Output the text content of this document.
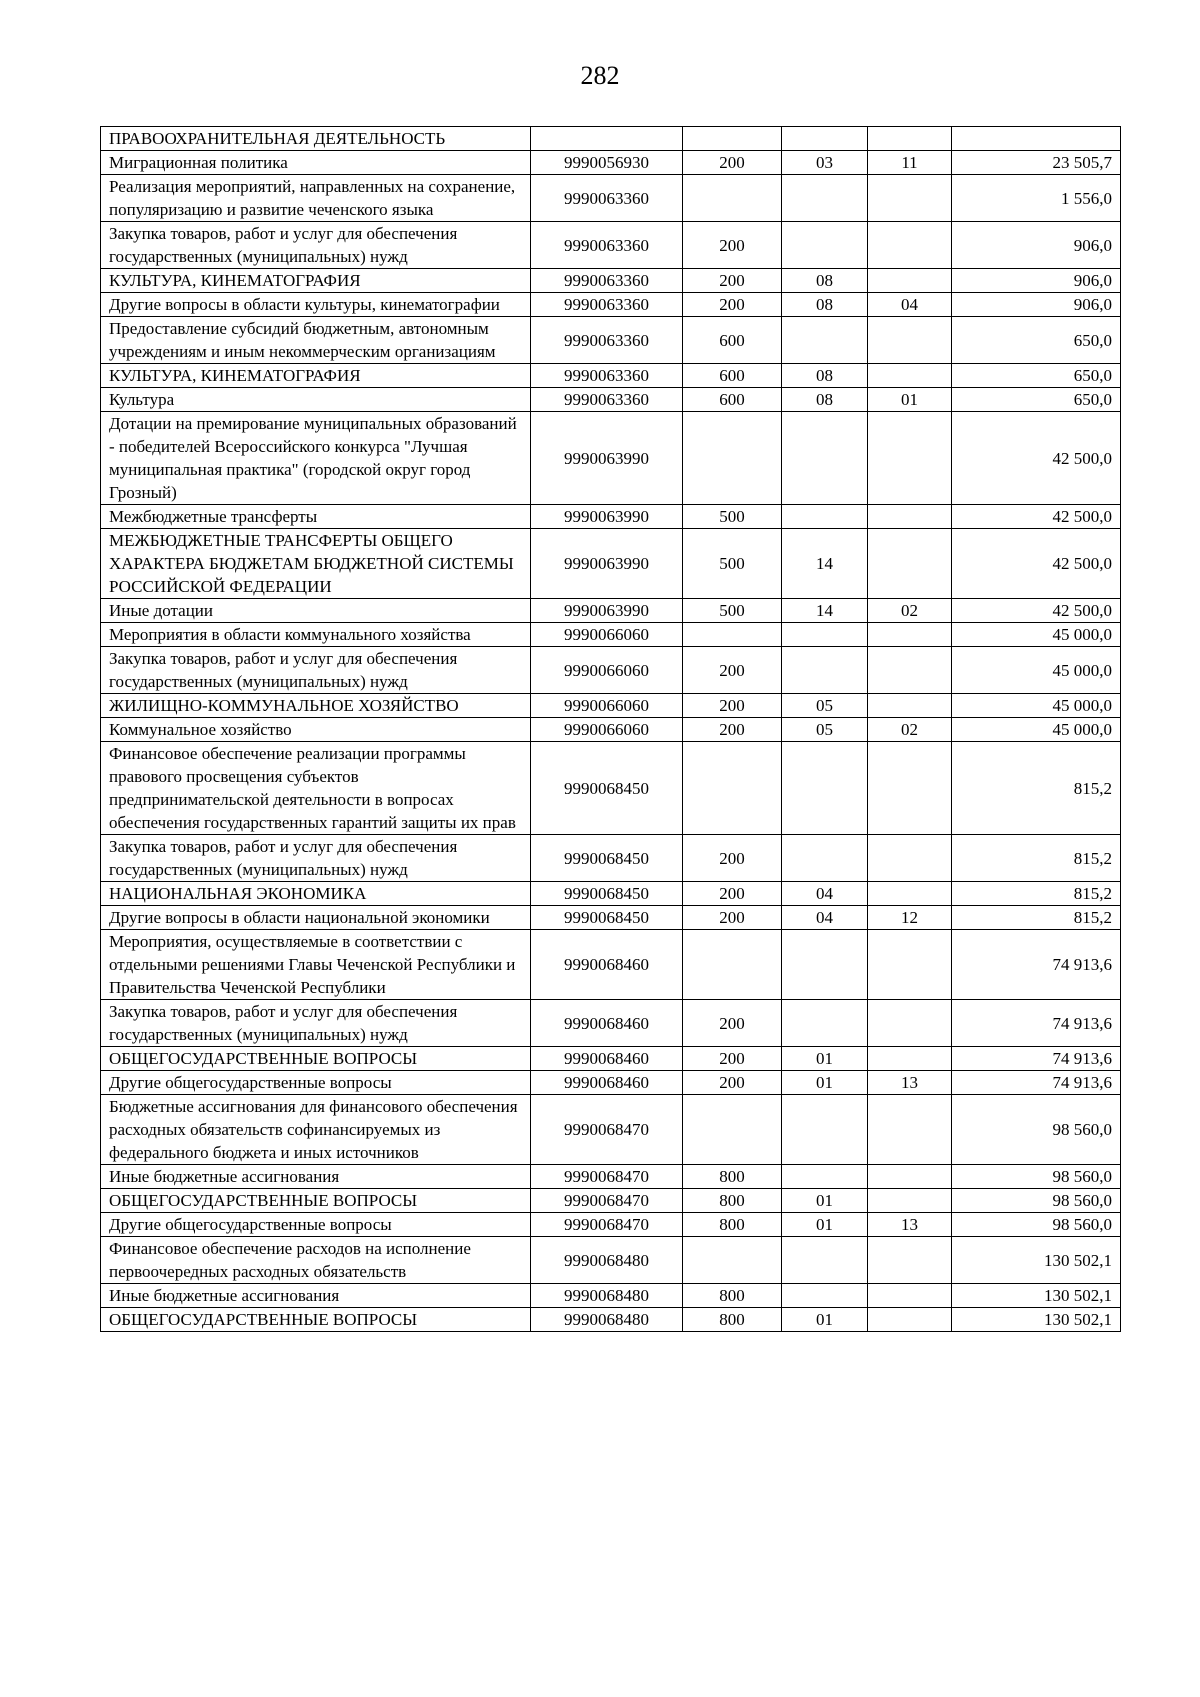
282
ПРАВООХРАНИТЕЛЬНАЯ ДЕЯТЕЛЬНОСТЬ					
Миграционная политика	9990056930	200	03	11	23 505,7
Реализация мероприятий, направленных на сохранение, популяризацию и развитие чеченского языка	9990063360				1 556,0
Закупка товаров, работ и услуг для обеспечения государственных (муниципальных) нужд	9990063360	200			906,0
КУЛЬТУРА, КИНЕМАТОГРАФИЯ	9990063360	200	08		906,0
Другие вопросы в области культуры, кинематографии	9990063360	200	08	04	906,0
Предоставление субсидий бюджетным, автономным учреждениям и иным некоммерческим организациям	9990063360	600			650,0
КУЛЬТУРА, КИНЕМАТОГРАФИЯ	9990063360	600	08		650,0
Культура	9990063360	600	08	01	650,0
Дотации на премирование муниципальных образований - победителей Всероссийского конкурса "Лучшая муниципальная практика" (городской округ город Грозный)	9990063990				42 500,0
Межбюджетные трансферты	9990063990	500			42 500,0
МЕЖБЮДЖЕТНЫЕ ТРАНСФЕРТЫ ОБЩЕГО ХАРАКТЕРА БЮДЖЕТАМ БЮДЖЕТНОЙ СИСТЕМЫ РОССИЙСКОЙ ФЕДЕРАЦИИ	9990063990	500	14		42 500,0
Иные дотации	9990063990	500	14	02	42 500,0
Мероприятия в области коммунального хозяйства	9990066060				45 000,0
Закупка товаров, работ и услуг для обеспечения государственных (муниципальных) нужд	9990066060	200			45 000,0
ЖИЛИЩНО-КОММУНАЛЬНОЕ ХОЗЯЙСТВО	9990066060	200	05		45 000,0
Коммунальное хозяйство	9990066060	200	05	02	45 000,0
Финансовое обеспечение реализации программы правового просвещения субъектов предпринимательской деятельности в вопросах обеспечения государственных гарантий защиты их прав	9990068450				815,2
Закупка товаров, работ и услуг для обеспечения государственных (муниципальных) нужд	9990068450	200			815,2
НАЦИОНАЛЬНАЯ ЭКОНОМИКА	9990068450	200	04		815,2
Другие вопросы в области национальной экономики	9990068450	200	04	12	815,2
Мероприятия, осуществляемые в соответствии с отдельными решениями Главы Чеченской Республики и Правительства Чеченской Республики	9990068460				74 913,6
Закупка товаров, работ и услуг для обеспечения государственных (муниципальных) нужд	9990068460	200			74 913,6
ОБЩЕГОСУДАРСТВЕННЫЕ ВОПРОСЫ	9990068460	200	01		74 913,6
Другие общегосударственные вопросы	9990068460	200	01	13	74 913,6
Бюджетные ассигнования для финансового обеспечения расходных обязательств софинансируемых из федерального бюджета и иных источников	9990068470				98 560,0
Иные бюджетные ассигнования	9990068470	800			98 560,0
ОБЩЕГОСУДАРСТВЕННЫЕ ВОПРОСЫ	9990068470	800	01		98 560,0
Другие общегосударственные вопросы	9990068470	800	01	13	98 560,0
Финансовое обеспечение расходов на исполнение первоочередных расходных обязательств	9990068480				130 502,1
Иные бюджетные ассигнования	9990068480	800			130 502,1
ОБЩЕГОСУДАРСТВЕННЫЕ ВОПРОСЫ	9990068480	800	01		130 502,1
